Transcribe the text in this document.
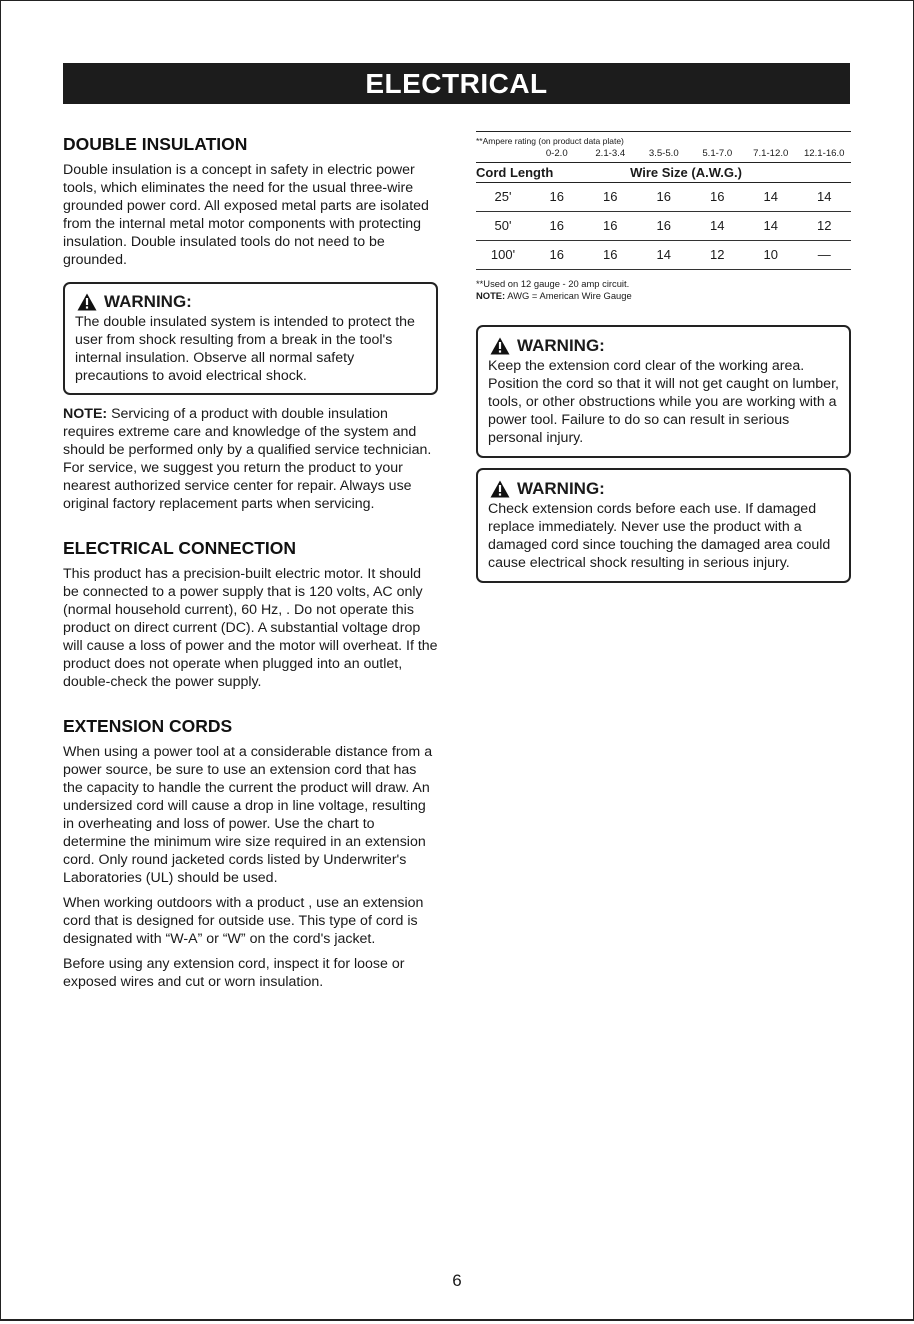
ELECTRICAL
DOUBLE INSULATION

Double insulation is a concept in safety in electric power tools, which eliminates the need for the usual three-wire grounded power cord. All exposed metal parts are isolated from the internal metal motor components with protecting insulation. Double insulated tools do not need to be grounded.

WARNING:

The double insulated system is intended to protect the user from shock resulting from a break in the tool's internal insulation. Observe all normal safety precautions to avoid electrical shock.

NOTE: Servicing of a product with double insulation requires extreme care and knowledge of the system and should be performed only by a qualified service technician. For service, we suggest you return the product to your nearest authorized service center for repair. Always use original factory replacement parts when servicing.

ELECTRICAL CONNECTION

This product has a precision-built electric motor. It should be connected to a power supply that is 120 volts, AC only (normal household current), 60 Hz, . Do not operate this product on direct current (DC). A substantial voltage drop will cause a loss of power and the motor will overheat. If the product does not operate when plugged into an outlet, double-check the power supply.

EXTENSION CORDS

When using a power tool at a considerable distance from a power source, be sure to use an extension cord that has the capacity to handle the current the product will draw. An undersized cord will cause a drop in line voltage, resulting in overheating and loss of power. Use the chart to determine the minimum wire size required in an extension cord. Only round jacketed cords listed by Underwriter's Laboratories (UL) should be used.

When working outdoors with a product , use an extension cord that is designed for outside use. This type of cord is designated with “W-A” or “W” on the cord's jacket.

Before using any extension cord, inspect it for loose or exposed wires and cut or worn insulation.

**Ampere rating (on product data plate)
0-2.0	2.1-3.4	3.5-5.0	5.1-7.0	7.1-12.0	12.1-16.0
Cord Length	Wire Size (A.W.G.)
25'	16	16	16	16	14	14
50'	16	16	16	14	14	12
100'	16	16	14	12	10	—
**Used on 12 gauge - 20 amp circuit.
NOTE: AWG = American Wire Gauge
WARNING:

Keep the extension cord clear of the working area. Position the cord so that it will not get caught on lumber, tools, or other obstructions while you are working with a power tool. Failure to do so can result in serious personal injury.

WARNING:

Check extension cords before each use. If damaged replace immediately. Never use the product with a damaged cord since touching the damaged area could cause electrical shock resulting in serious injury.

6
